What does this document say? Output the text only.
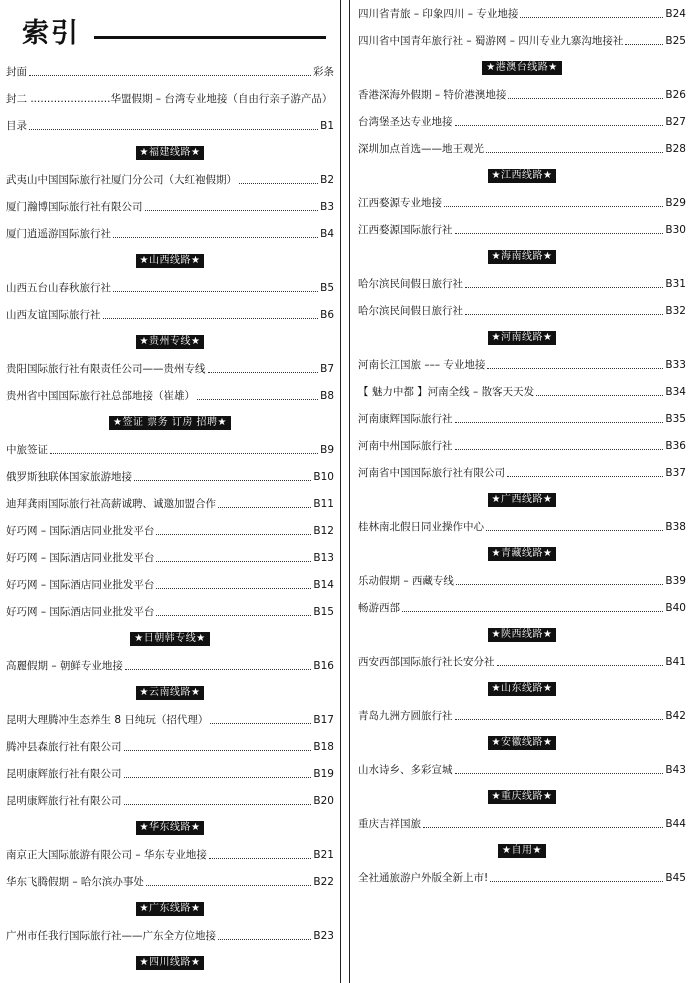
索引
封面	彩条
封二 ........................华盟假期 – 台湾专业地接（自由行亲子游产品）
目录	B1
★福建线路★
武夷山中国国际旅行社厦门分公司（大红袍假期）	B2
厦门瀚博国际旅行社有限公司	B3
厦门逍遥游国际旅行社	B4
★山西线路★
山西五台山春秋旅行社	B5
山西友谊国际旅行社	B6
★贵州专线★
贵阳国际旅行社有限责任公司——贵州专线	B7
贵州省中国国际旅行社总部地接（崔雄）	B8
★签证 票务 订房 招聘★
中旅签证	B9
俄罗斯独联体国家旅游地接	B10
迪拜龚雨国际旅行社高薪诚聘、诚邀加盟合作	B11
好巧网 – 国际酒店同业批发平台	B12
好巧网 – 国际酒店同业批发平台	B13
好巧网 – 国际酒店同业批发平台	B14
好巧网 – 国际酒店同业批发平台	B15
★日朝韩专线★
高麗假期 – 朝鲜专业地接	B16
★云南线路★
昆明大理腾冲生态养生 8 日纯玩（招代理）	B17
腾冲县森旅行社有限公司	B18
昆明康辉旅行社有限公司	B19
昆明康辉旅行社有限公司	B20
★华东线路★
南京正大国际旅游有限公司 – 华东专业地接	B21
华东飞腾假期 – 哈尔滨办事处	B22
★广东线路★
广州市任我行国际旅行社——广东全方位地接	B23
★四川线路★
四川省青旅 – 印象四川 – 专业地接	B24
四川省中国青年旅行社 – 蜀游网 – 四川专业九寨沟地接社	B25
★港澳台线路★
香港深海外假期 – 特价港澳地接	B26
台湾堡圣达专业地接	B27
深圳加点首选——地王观光	B28
★江西线路★
江西婺源专业地接	B29
江西婺源国际旅行社	B30
★海南线路★
哈尔滨民间假日旅行社	B31
哈尔滨民间假日旅行社	B32
★河南线路★
河南长江国旅 ––– 专业地接	B33
【 魅力中都 】河南全线 – 散客天天发	B34
河南康辉国际旅行社	B35
河南中州国际旅行社	B36
河南省中国国际旅行社有限公司	B37
★广西线路★
桂林南北假日同业操作中心	B38
★青藏线路★
乐动假期 – 西藏专线	B39
畅游西部	B40
★陕西线路★
西安西部国际旅行社长安分社	B41
★山东线路★
青岛九洲方圆旅行社	B42
★安徽线路★
山水诗乡、多彩宣城	B43
★重庆线路★
重庆吉祥国旅	B44
★自用★
全社通旅游户外版全新上市!	B45
